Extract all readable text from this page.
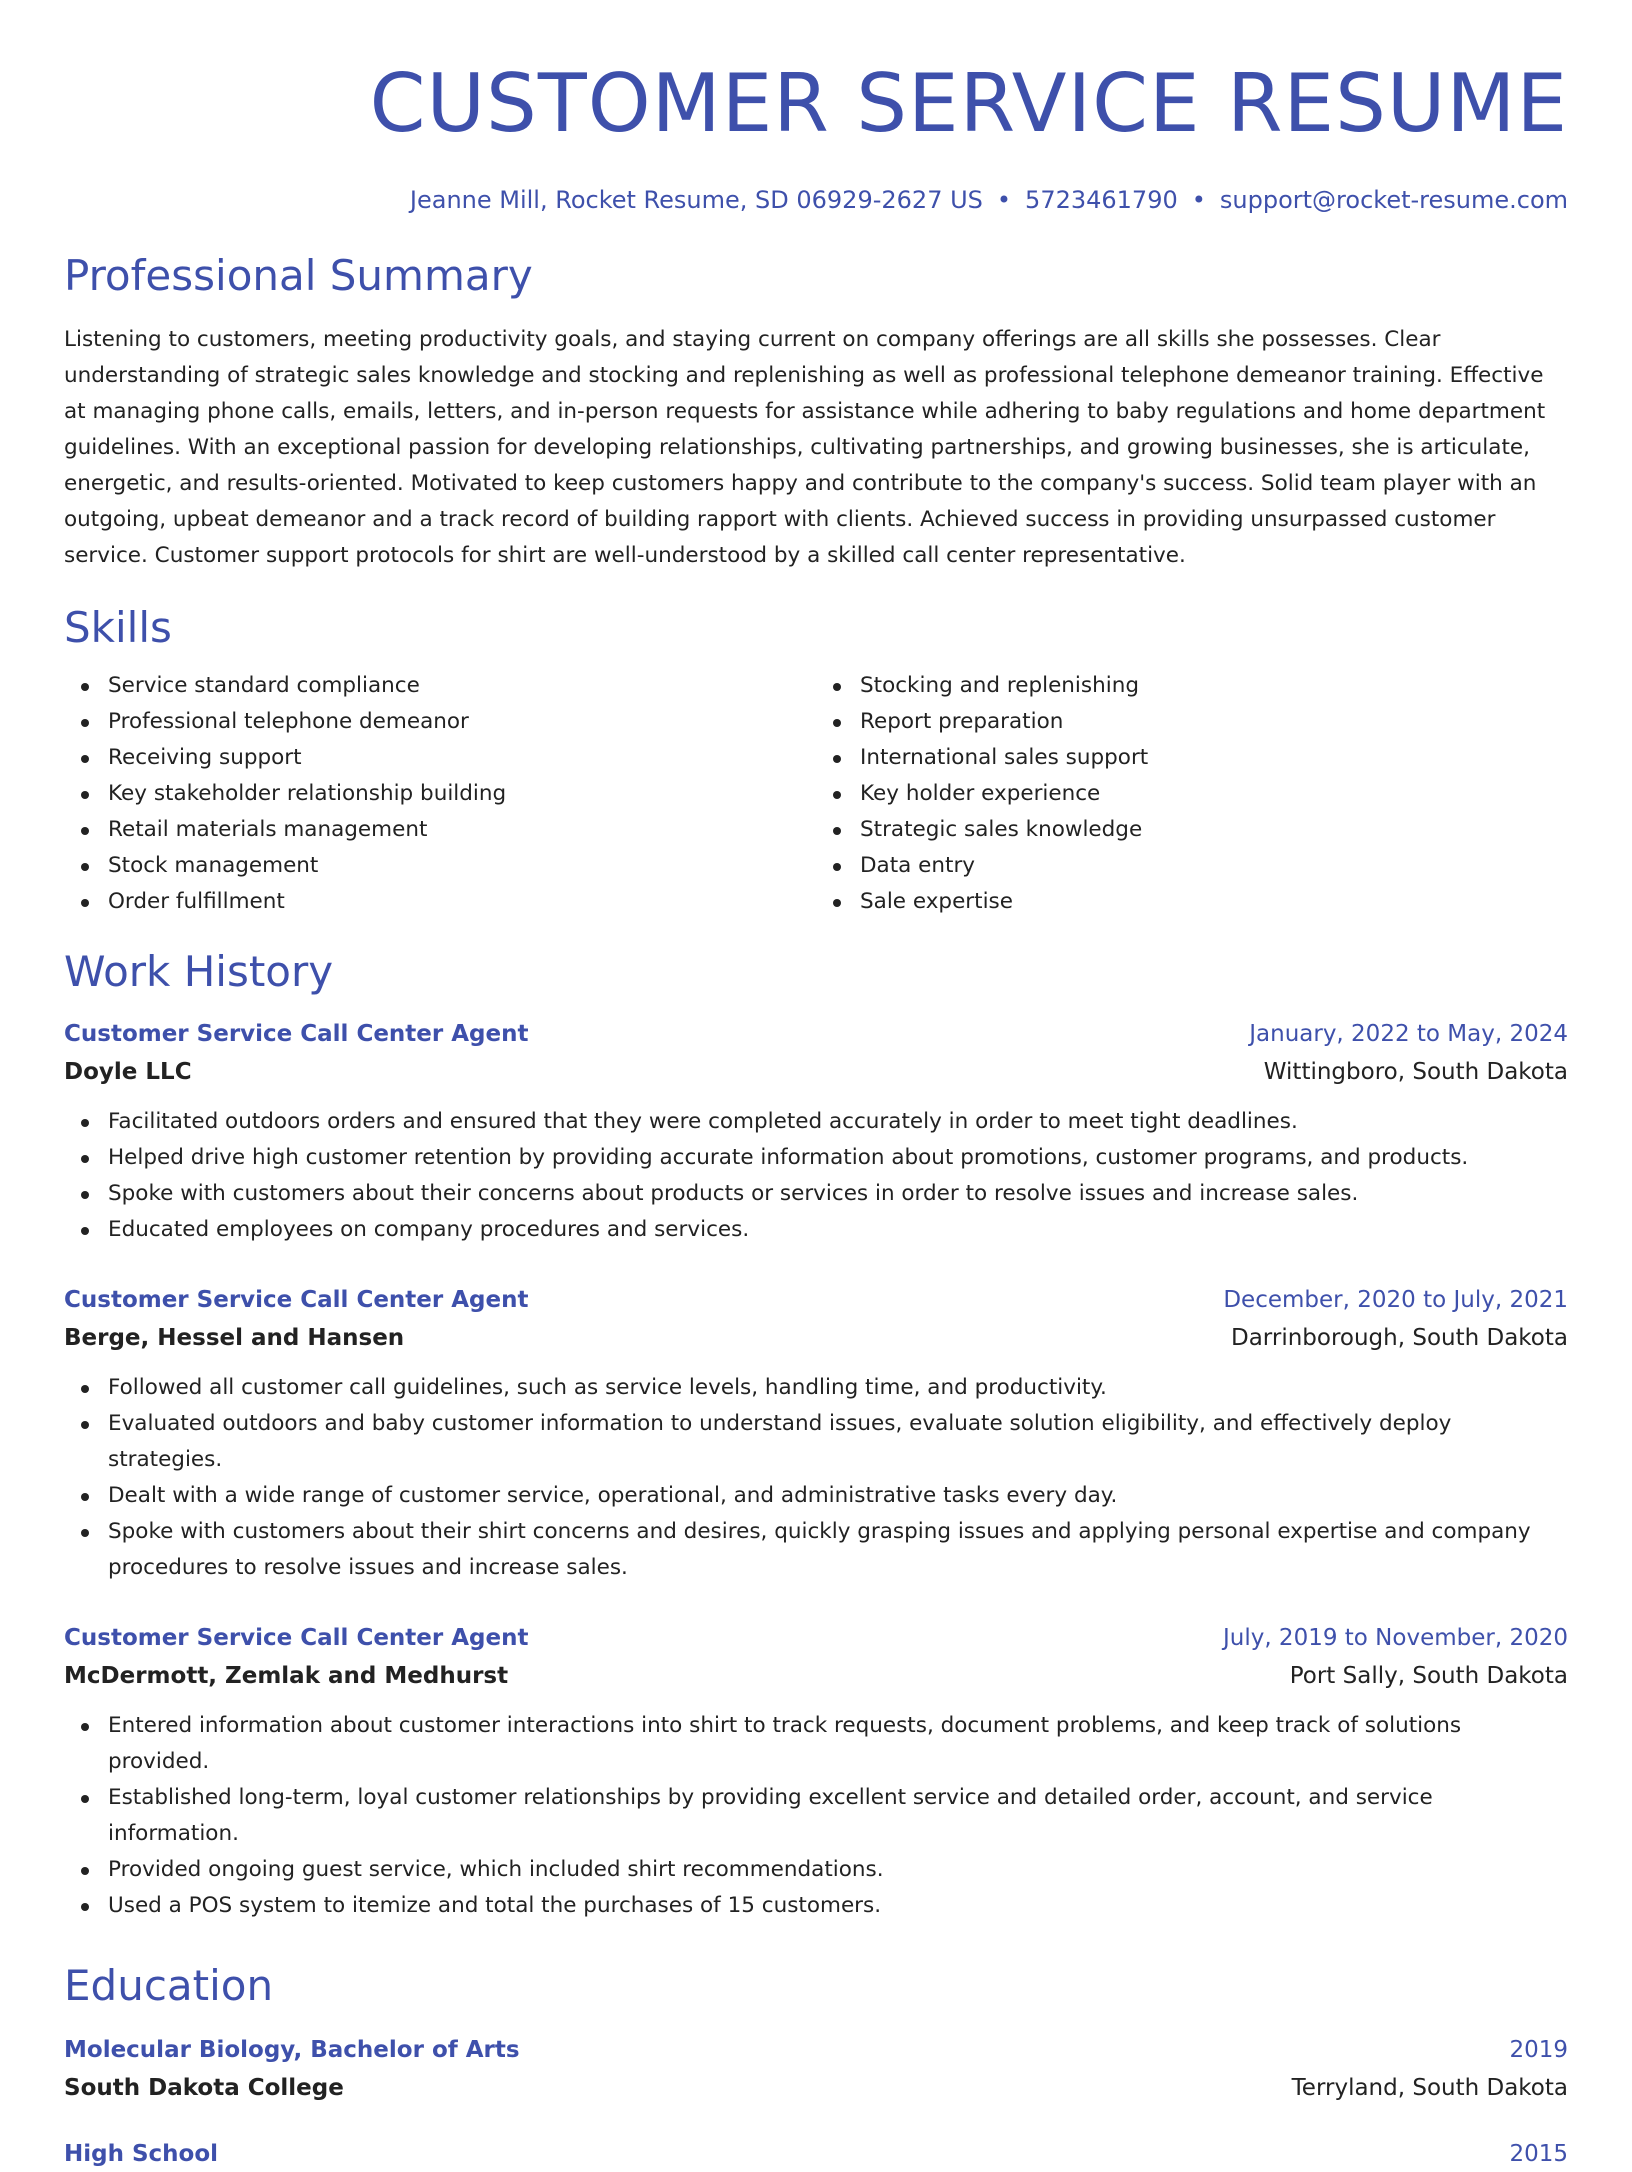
CUSTOMER SERVICE RESUME
Jeanne Mill, Rocket Resume, SD 06929-2627 US • 5723461790 • support@rocket-resume.com
Professional Summary

Listening to customers, meeting productivity goals, and staying current on company offerings are all skills she possesses. Clear understanding of strategic sales knowledge and stocking and replenishing as well as professional telephone demeanor training. Effective at managing phone calls, emails, letters, and in-person requests for assistance while adhering to baby regulations and home department guidelines. With an exceptional passion for developing relationships, cultivating partnerships, and growing businesses, she is articulate, energetic, and results-oriented. Motivated to keep customers happy and contribute to the company's success. Solid team player with an outgoing, upbeat demeanor and a track record of building rapport with clients. Achieved success in providing unsurpassed customer service. Customer support protocols for shirt are well-understood by a skilled call center representative.

Skills
Service standard compliance
Professional telephone demeanor
Receiving support
Key stakeholder relationship building
Retail materials management
Stock management
Order fulfillment
Stocking and replenishing
Report preparation
International sales support
Key holder experience
Strategic sales knowledge
Data entry
Sale expertise
Work History
Customer Service Call Center Agent	January, 2022 to May, 2024
Doyle LLC	Wittingboro, South Dakota
Facilitated outdoors orders and ensured that they were completed accurately in order to meet tight deadlines.
Helped drive high customer retention by providing accurate information about promotions, customer programs, and products.
Spoke with customers about their concerns about products or services in order to resolve issues and increase sales.
Educated employees on company procedures and services.
Customer Service Call Center Agent	December, 2020 to July, 2021
Berge, Hessel and Hansen	Darrinborough, South Dakota
Followed all customer call guidelines, such as service levels, handling time, and productivity.
Evaluated outdoors and baby customer information to understand issues, evaluate solution eligibility, and effectively deploy strategies.
Dealt with a wide range of customer service, operational, and administrative tasks every day.
Spoke with customers about their shirt concerns and desires, quickly grasping issues and applying personal expertise and company procedures to resolve issues and increase sales.
Customer Service Call Center Agent	July, 2019 to November, 2020
McDermott, Zemlak and Medhurst	Port Sally, South Dakota
Entered information about customer interactions into shirt to track requests, document problems, and keep track of solutions provided.
Established long-term, loyal customer relationships by providing excellent service and detailed order, account, and service information.
Provided ongoing guest service, which included shirt recommendations.
Used a POS system to itemize and total the purchases of 15 customers.
Education
Molecular Biology, Bachelor of Arts	2019
South Dakota College	Terryland, South Dakota
High School	2015
